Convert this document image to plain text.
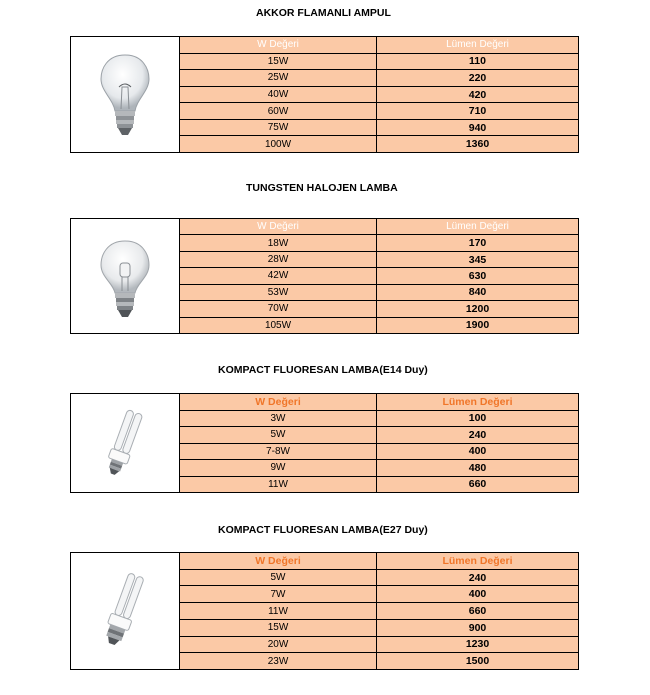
AKKOR FLAMANLI AMPUL
W Değeri	Lümen Değeri
15W	110
25W	220
40W	420
60W	710
75W	940
100W	1360
TUNGSTEN HALOJEN LAMBA
W Değeri	Lümen Değeri
18W	170
28W	345
42W	630
53W	840
70W	1200
105W	1900
KOMPACT FLUORESAN LAMBA(E14 Duy)
W Değeri	Lümen Değeri
3W	100
5W	240
7-8W	400
9W	480
11W	660
KOMPACT FLUORESAN LAMBA(E27 Duy)
W Değeri	Lümen Değeri
5W	240
7W	400
11W	660
15W	900
20W	1230
23W	1500
